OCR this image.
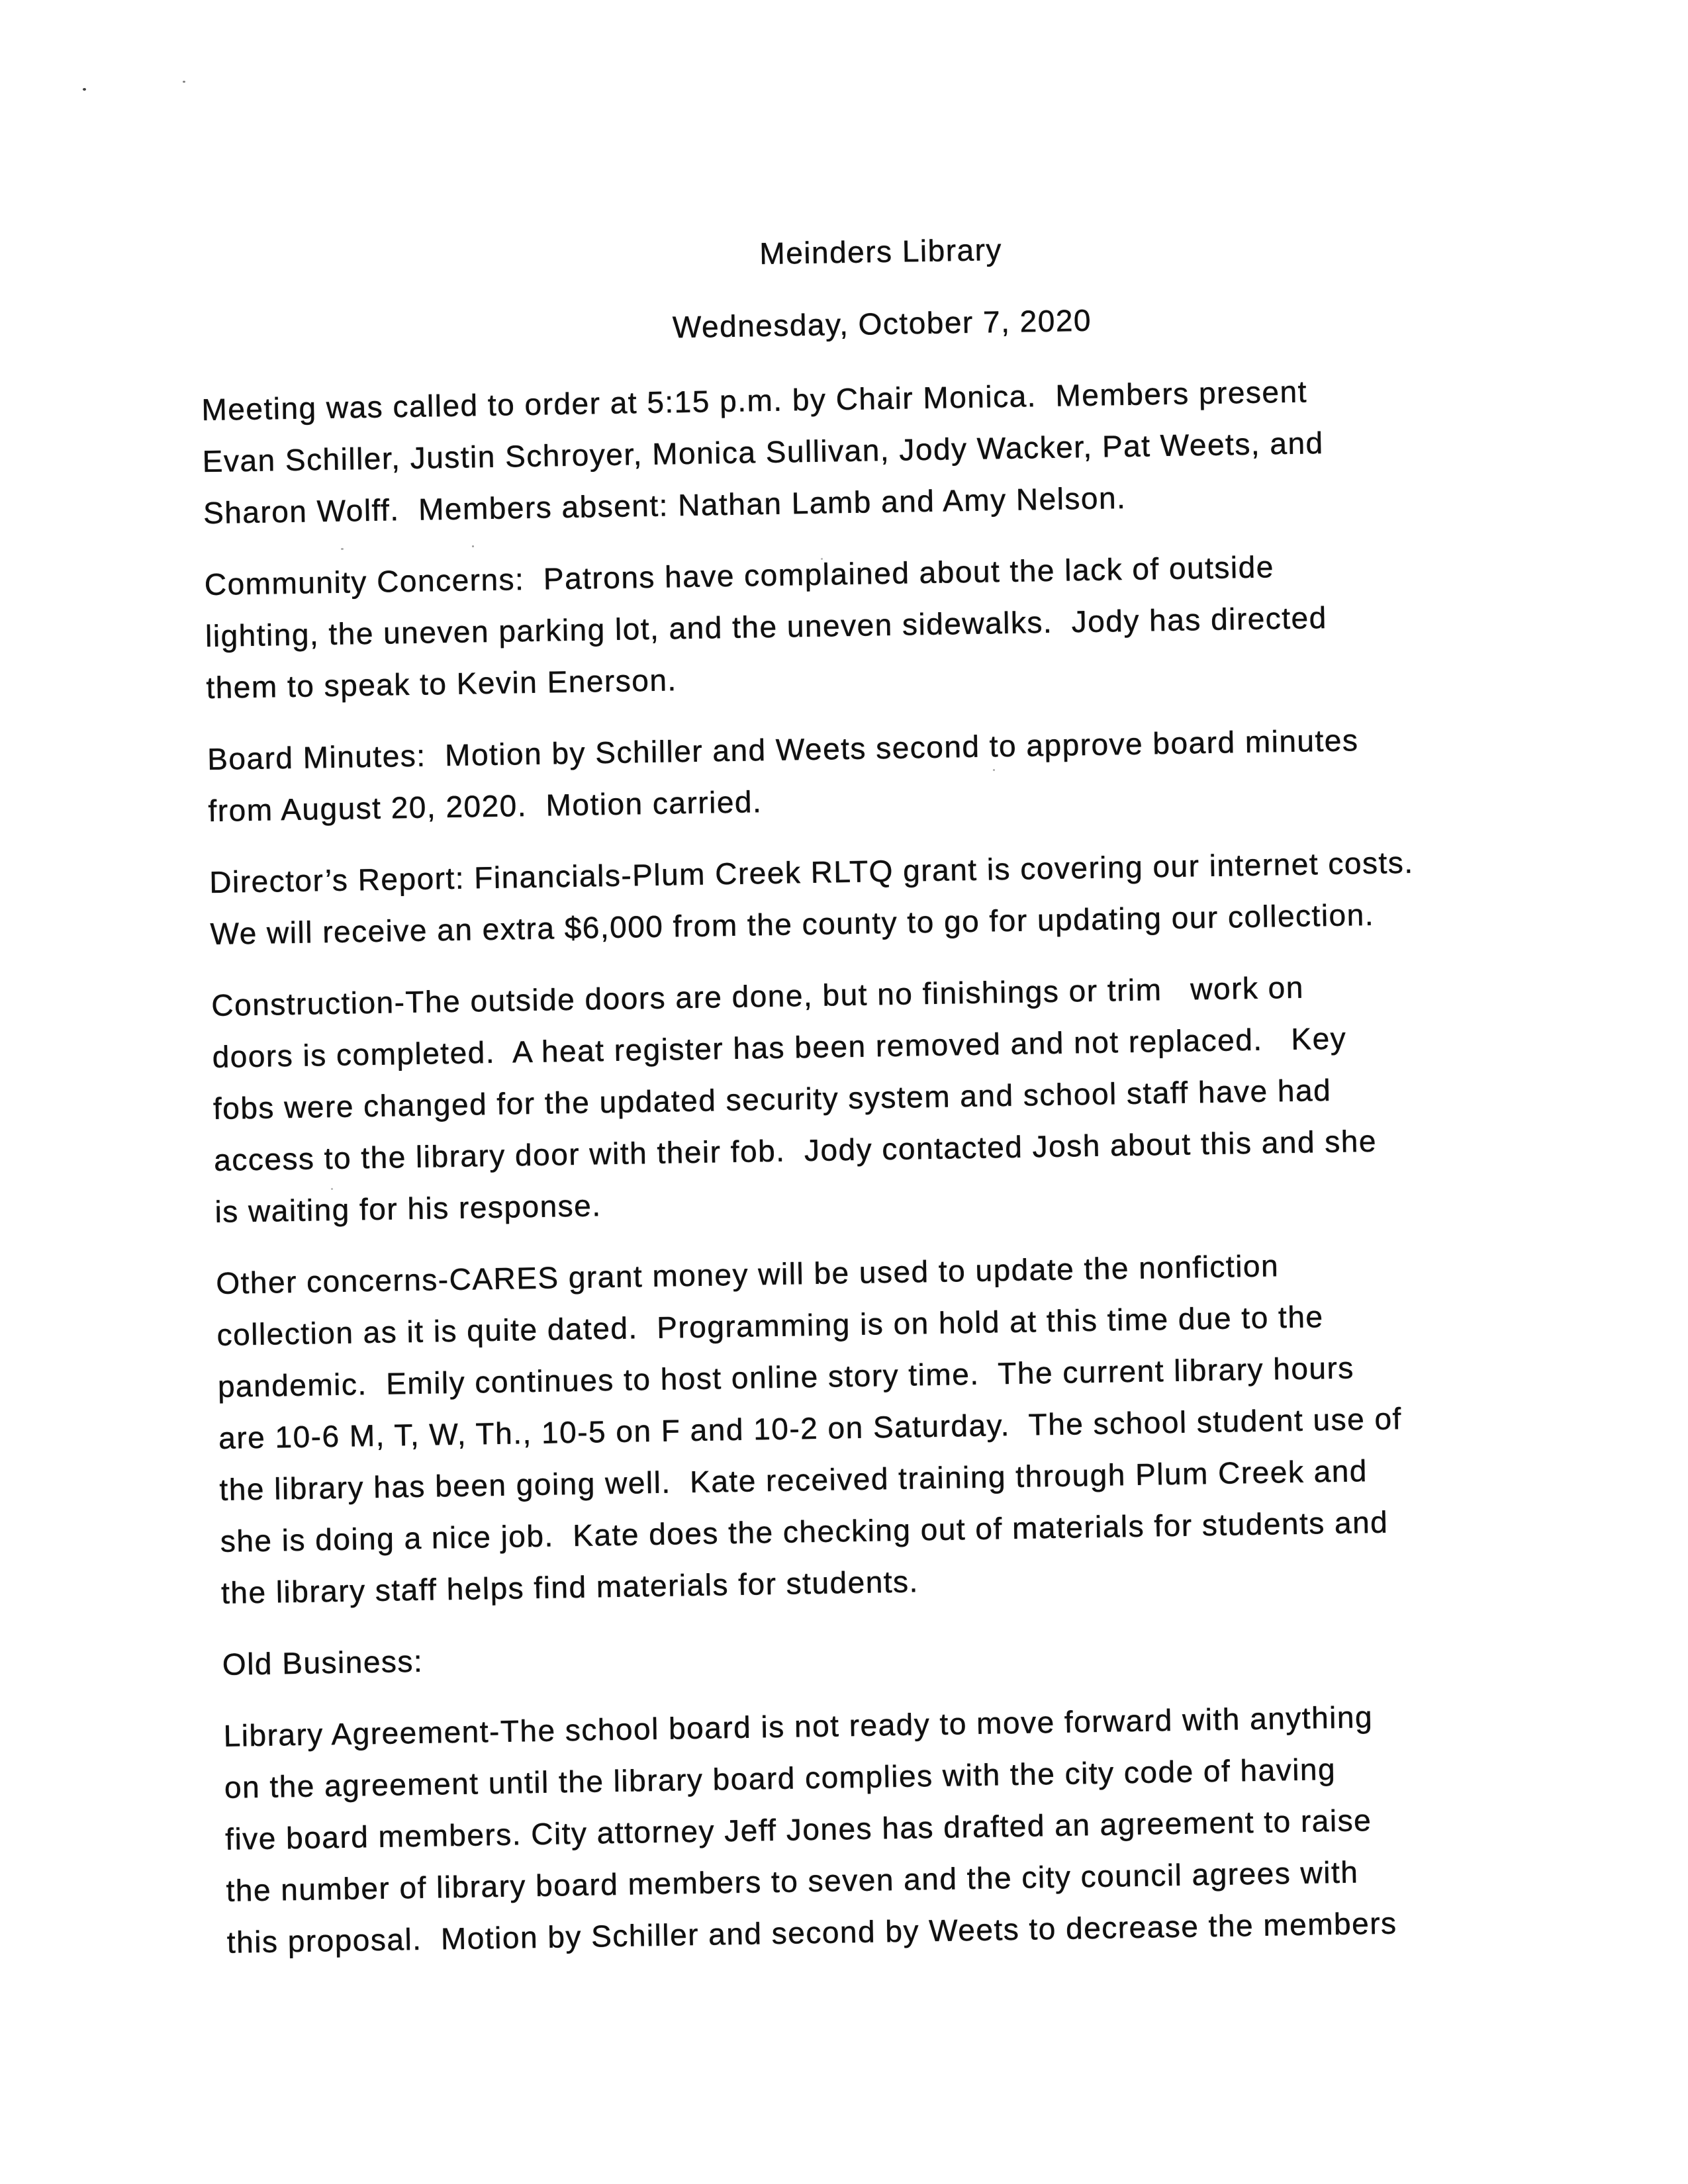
Meinders Library
Wednesday, October 7, 2020

Meeting was called to order at 5:15 p.m. by Chair Monica.  Members present
Evan Schiller, Justin Schroyer, Monica Sullivan, Jody Wacker, Pat Weets, and
Sharon Wolff.  Members absent: Nathan Lamb and Amy Nelson.

Community Concerns:  Patrons have complained about the lack of outside
lighting, the uneven parking lot, and the uneven sidewalks.  Jody has directed
them to speak to Kevin Enerson.

Board Minutes:  Motion by Schiller and Weets second to approve board minutes
from August 20, 2020.  Motion carried.

Director’s Report: Financials-Plum Creek RLTQ grant is covering our internet costs.
We will receive an extra $6,000 from the county to go for updating our collection.

Construction-The outside doors are done, but no finishings or trim   work on
doors is completed.  A heat register has been removed and not replaced.   Key
fobs were changed for the updated security system and school staff have had
access to the library door with their fob.  Jody contacted Josh about this and she
is waiting for his response.

Other concerns-CARES grant money will be used to update the nonfiction
collection as it is quite dated.  Programming is on hold at this time due to the
pandemic.  Emily continues to host online story time.  The current library hours
are 10-6 M, T, W, Th., 10-5 on F and 10-2 on Saturday.  The school student use of
the library has been going well.  Kate received training through Plum Creek and
she is doing a nice job.  Kate does the checking out of materials for students and
the library staff helps find materials for students.

Old Business:

Library Agreement-The school board is not ready to move forward with anything
on the agreement until the library board complies with the city code of having
five board members. City attorney Jeff Jones has drafted an agreement to raise
the number of library board members to seven and the city council agrees with
this proposal.  Motion by Schiller and second by Weets to decrease the members
